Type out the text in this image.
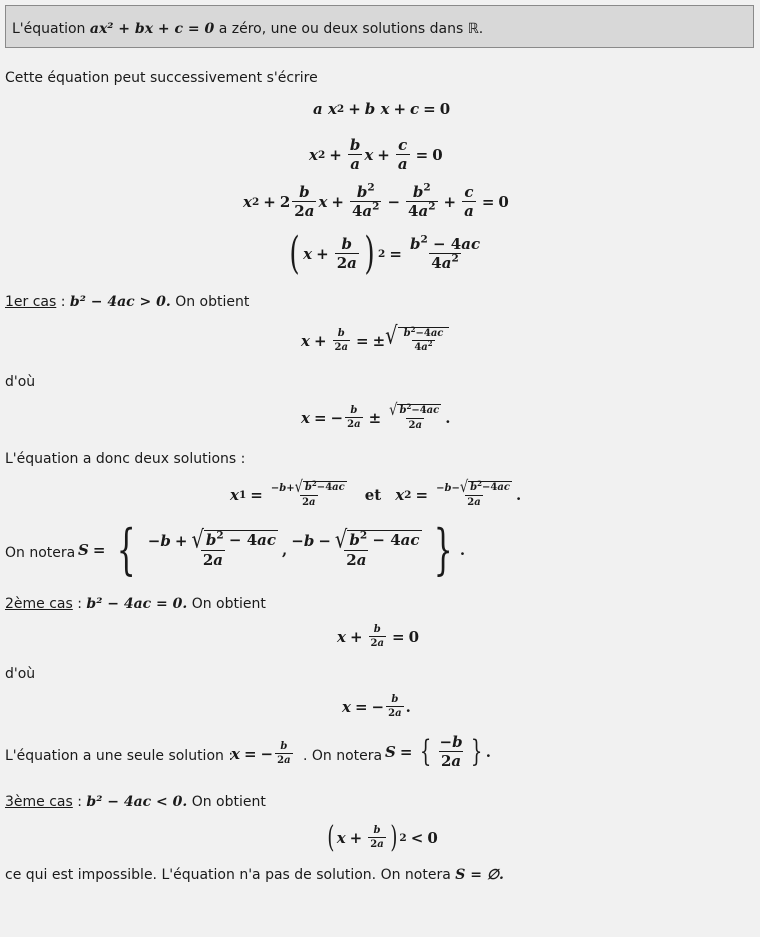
L'équation ax² + bx + c = 0 a zéro, une ou deux solutions dans ℝ.
Cette équation peut successivement s'écrire
a x 2 + b x + c = 0
x $2 + \frac{b}{a}$ $x + \frac{c}{a} = 0$
x $2 + 2 \frac{b}{2a}$ $x + \frac{b^2}{4a^2} - \frac{b^2}{4a^2} + \frac{c}{a} = 0$
( $x + \frac{b}{2a}$ ) $2 = \frac{b^2 - 4ac}{4a^2}$
1er cas : b² − 4ac > 0. On obtient
$x + \frac{b}{2a}$ = ± √ $\frac{b^2-4ac}{4a^2}$
d'où
x = − $\frac{b}{2a} \pm \frac{√ b^2-4ac}{2a}$ .
L'équation a donc deux solutions :
x $1 = \frac{-b+ √ b^2-4ac}{2a}$ et x $2 = \frac{-b- √ b^2-4ac}{2a}$ .
On notera S = { $\frac{-b + √ b^2 - 4ac}{2a}$ , $\frac{-b - √ b^2 - 4ac}{2a}$ } .
2ème cas : b² − 4ac = 0. On obtient
$x + \frac{b}{2a} = 0$
d'où
x = − $\frac{b}{2a}$ .
L'équation a une seule solution :
x = − $\frac{b}{2a}$ . On notera S = { $\frac{-b}{2a}$ } .
3ème cas : b² − 4ac < 0. On obtient
( $x + \frac{b}{2a}$ ) 2 < 0
ce qui est impossible. L'équation n'a pas de solution. On notera S = ∅.
